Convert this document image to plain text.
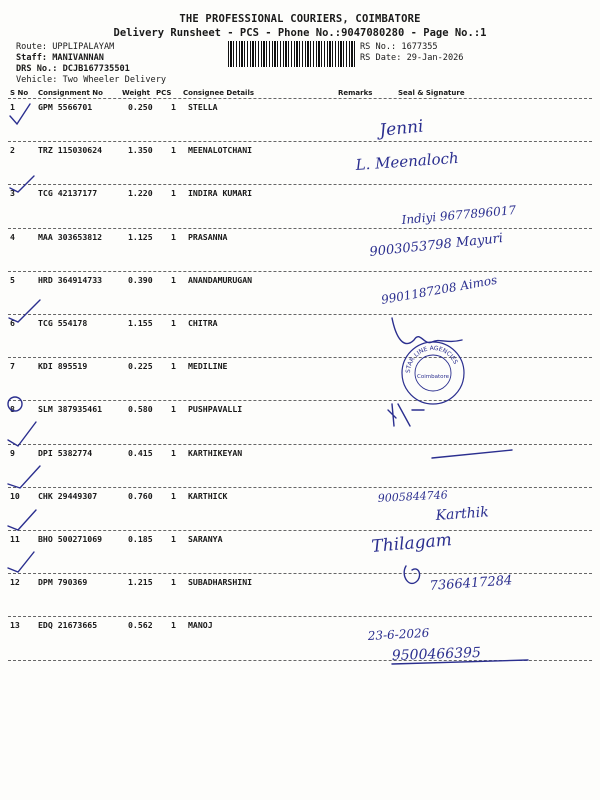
THE PROFESSIONAL COURIERS, COIMBATORE
Delivery Runsheet - PCS - Phone No.:9047080280 - Page No.:1
Route: UPPLIPALAYAM
Staff: MANIVANNAN
DRS No.: DCJB167735501
Vehicle: Two Wheeler Delivery
RS No.: 1677355
RS Date: 29-Jan-2026
S No Consignment No	Weight PCS Consignee Details	Remarks	Seal & Signature
1	GPM 5566701	0.250 1 STELLA
2	TRZ 115030624	1.350 1 MEENALOTCHANI
3	TCG 42137177	1.220 1 INDIRA KUMARI
4	MAA 303653812	1.125 1 PRASANNA
5	HRD 364914733	0.390 1 ANANDAMURUGAN
6	TCG 554178	1.155 1 CHITRA
7	KDI 895519	0.225 1 MEDILINE
8	SLM 387935461	0.580 1 PUSHPAVALLI
9	DPI 5382774	0.415 1 KARTHIKEYAN
10 CHK 29449307	0.760 1 KARTHICK
11 BHO 500271069	0.185 1 SARANYA
12 DPM 790369	1.215 1 SUBADHARSHINI
13 EDQ 21673665	0.562 1 MANOJ
STAR LINE AGENCIES
Coimbatore
Jenni
L. Meenaloch
Indiyi 9677896017
9003053798 Mayuri
9901187208 Aimos
9005844746
Karthik
Thilagam
7366417284
23-6-2026
9500466395
